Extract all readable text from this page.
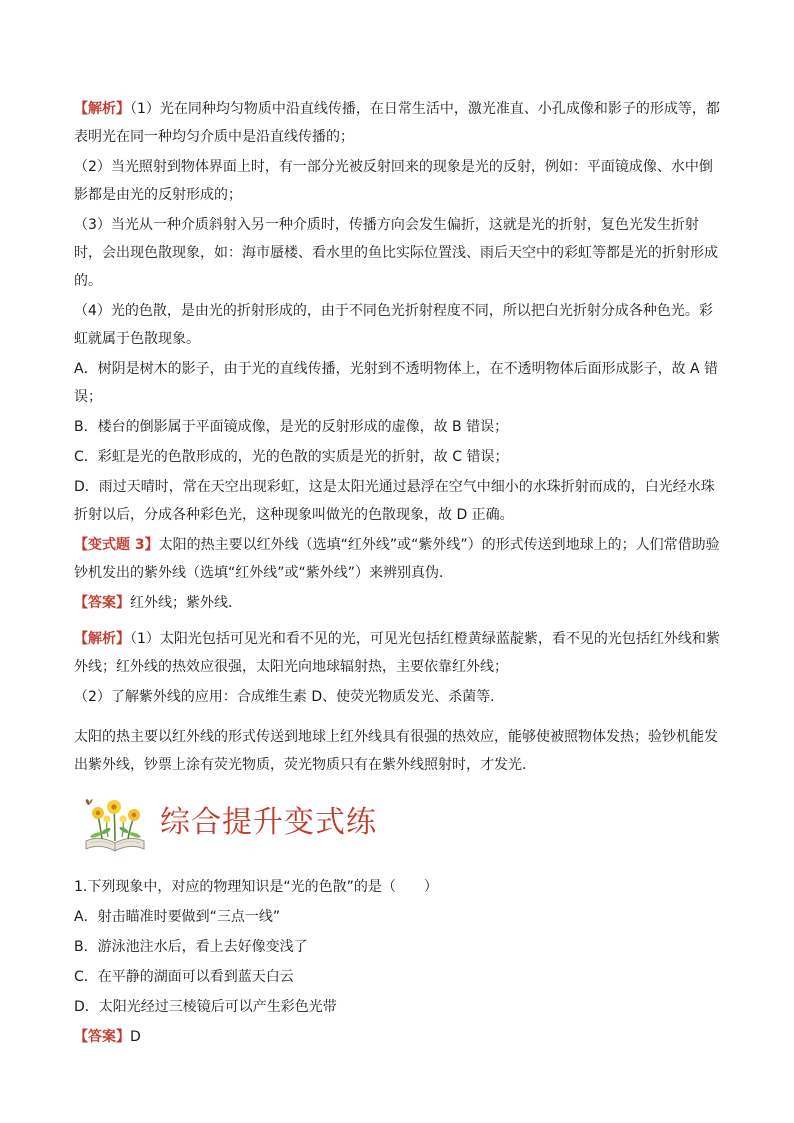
【解析】（1）光在同种均匀物质中沿直线传播，在日常生活中，激光准直、小孔成像和影子的形成等，都表明光在同一种均匀介质中是沿直线传播的；

（2）当光照射到物体界面上时，有一部分光被反射回来的现象是光的反射，例如：平面镜成像、水中倒影都是由光的反射形成的；

（3）当光从一种介质斜射入另一种介质时，传播方向会发生偏折，这就是光的折射，复色光发生折射时，会出现色散现象，如：海市蜃楼、看水里的鱼比实际位置浅、雨后天空中的彩虹等都是光的折射形成的。

（4）光的色散，是由光的折射形成的，由于不同色光折射程度不同，所以把白光折射分成各种色光。彩虹就属于色散现象。

A．树阴是树木的影子，由于光的直线传播，光射到不透明物体上，在不透明物体后面形成影子，故 A 错误；

B．楼台的倒影属于平面镜成像，是光的反射形成的虚像，故 B 错误；

C．彩虹是光的色散形成的，光的色散的实质是光的折射，故 C 错误；

D．雨过天晴时，常在天空出现彩虹，这是太阳光通过悬浮在空气中细小的水珠折射而成的，白光经水珠折射以后，分成各种彩色光，这种现象叫做光的色散现象，故 D 正确。

【变式题 3】太阳的热主要以红外线（选填“红外线”或“紫外线”）的形式传送到地球上的；人们常借助验钞机发出的紫外线（选填“红外线”或“紫外线”）来辨别真伪．

【答案】红外线；紫外线．

【解析】（1）太阳光包括可见光和看不见的光，可见光包括红橙黄绿蓝靛紫，看不见的光包括红外线和紫外线；红外线的热效应很强，太阳光向地球辐射热，主要依靠红外线；

（2）了解紫外线的应用：合成维生素 D、使荧光物质发光、杀菌等．

太阳的热主要以红外线的形式传送到地球上红外线具有很强的热效应，能够使被照物体发热；验钞机能发出紫外线，钞票上涂有荧光物质，荧光物质只有在紫外线照射时，才发光．

综合提升变式练

1.下列现象中，对应的物理知识是“光的色散”的是（　　）

A．射击瞄准时要做到“三点一线”

B．游泳池注水后，看上去好像变浅了

C．在平静的湖面可以看到蓝天白云

D．太阳光经过三棱镜后可以产生彩色光带

【答案】D
